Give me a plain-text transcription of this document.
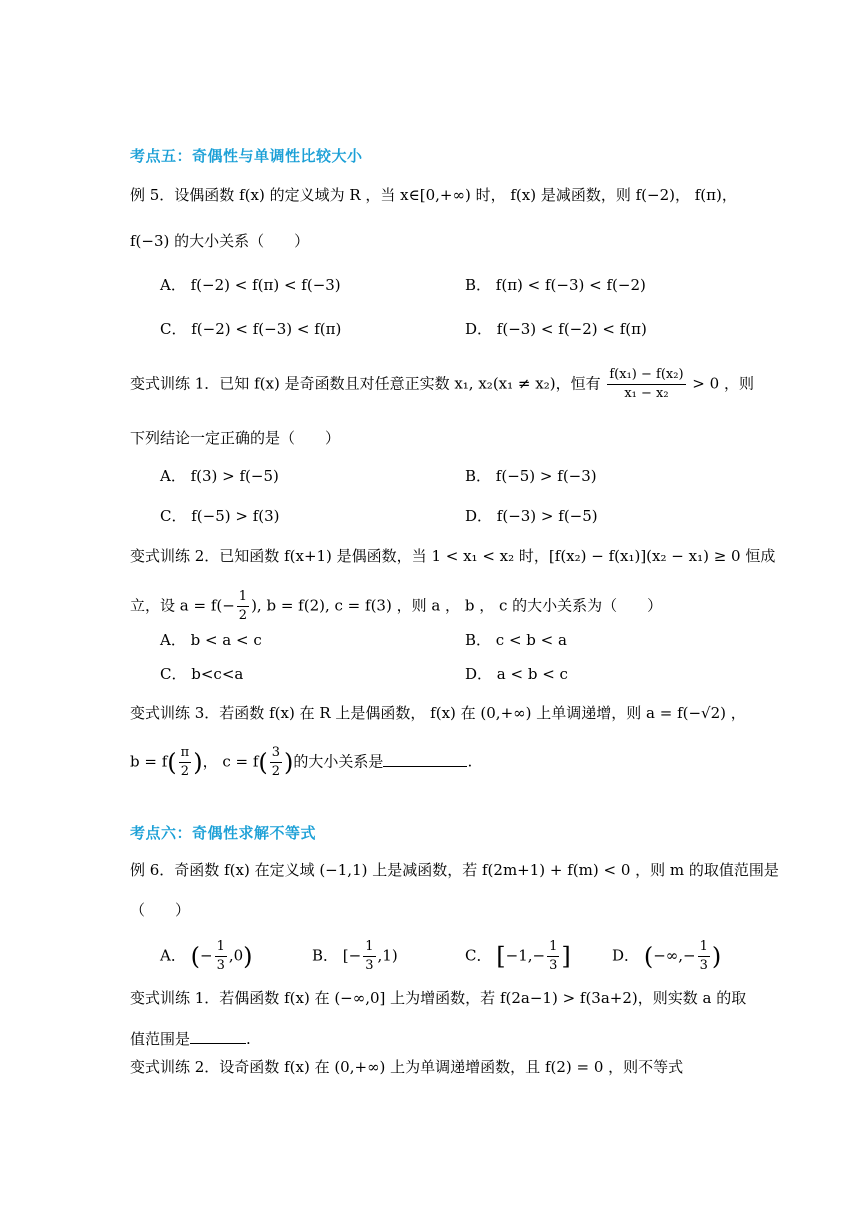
考点五：奇偶性与单调性比较大小
例 5．设偶函数 f(x) 的定义域为 R ，当 x∈[0,+∞) 时， f(x) 是减函数，则 f(−2)， f(π)，
f(−3) 的大小关系（　　）
A． f(−2) < f(π) < f(−3)	B． f(π) < f(−3) < f(−2)
C． f(−2) < f(−3) < f(π)	D． f(−3) < f(−2) < f(π)
变式训练 1．已知 f(x) 是奇函数且对任意正实数 x₁, x₂(x₁ ≠ x₂)，恒有 $\frac{\text{f(x₁) − f(x₂)}}{\text{x₁ − x₂}} > 0$ ，则
下列结论一定正确的是（　　）
A． f(3) > f(−5)	B． f(−5) > f(−3)
C． f(−5) > f(3)	D． f(−3) > f(−5)
变式训练 2．已知函数 f(x+1) 是偶函数，当 1 < x₁ < x₂ 时，[f(x₂) − f(x₁)](x₂ − x₁) ≥ 0 恒成
立，设 $a = f(- \frac{1}{2}$ ), b = f(2), c = f(3) ，则 a ， b ， c 的大小关系为（　　）
A． b < a < c	B． c < b < a
C． b<c<a	D． a < b < c
变式训练 3．若函数 f(x) 在 R 上是偶函数， f(x) 在 (0,+∞) 上单调递增，则 a = f(−√2) ，
$b = f( \frac{\pi}{2}$ )， $c = f( \frac{3}{2}$ )的大小关系是	.
考点六：奇偶性求解不等式
例 6．奇函数 f(x) 在定义域 (−1,1) 上是减函数，若 f(2m+1) + f(m) < 0 ，则 m 的取值范围是
（　　）
A． (− $\frac{1}{3} ,0$)	B． [− $\frac{1}{3} ,1$)	C． [$-1,- \frac{1}{3}$ ]	D． (−∞,− $\frac{1}{3}$ )
变式训练 1．若偶函数 f(x) 在 (−∞,0] 上为增函数，若 f(2a−1) > f(3a+2)，则实数 a 的取
值范围是	.
变式训练 2．设奇函数 f(x) 在 (0,+∞) 上为单调递增函数，且 f(2) = 0 ，则不等式
